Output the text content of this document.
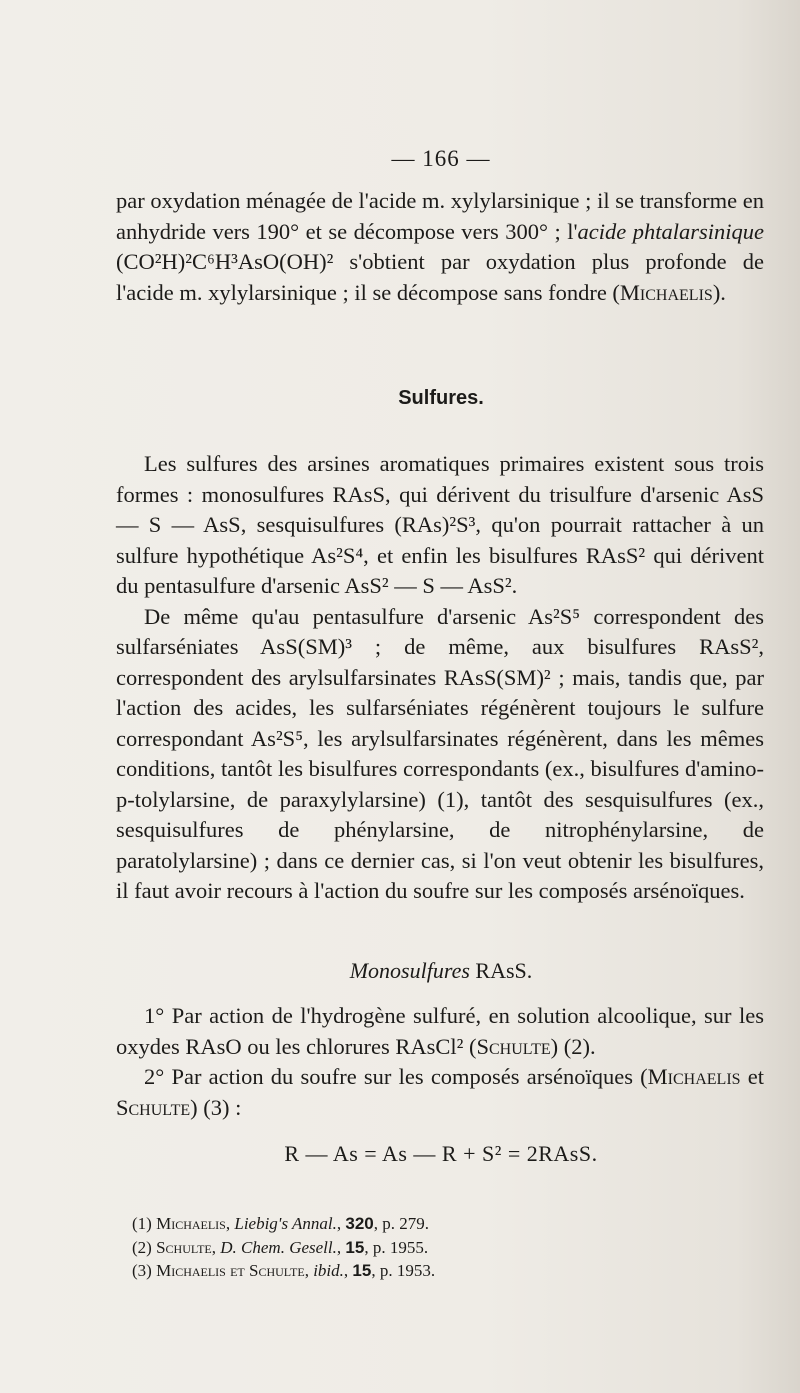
— 166 —

par oxydation ménagée de l'acide m. xylylarsinique ; il se transforme en anhydride vers 190° et se décompose vers 300° ; l'acide phtalarsinique (CO²H)²C⁶H³AsO(OH)² s'obtient par oxydation plus profonde de l'acide m. xylylarsinique ; il se décompose sans fondre (Michaelis).

Sulfures.

Les sulfures des arsines aromatiques primaires existent sous trois formes : monosulfures RAsS, qui dérivent du trisulfure d'arsenic AsS — S — AsS, sesquisulfures (RAs)²S³, qu'on pourrait rattacher à un sulfure hypothétique As²S⁴, et enfin les bisulfures RAsS² qui dérivent du pentasulfure d'arsenic AsS² — S — AsS².

De même qu'au pentasulfure d'arsenic As²S⁵ correspondent des sulfarséniates AsS(SM)³ ; de même, aux bisulfures RAsS², correspondent des arylsulfarsinates RAsS(SM)² ; mais, tandis que, par l'action des acides, les sulfarséniates régénèrent toujours le sulfure correspondant As²S⁵, les arylsulfarsinates régénèrent, dans les mêmes conditions, tantôt les bisulfures correspondants (ex., bisulfures d'amino-p-tolylarsine, de paraxylylarsine) (1), tantôt des sesquisulfures (ex., sesquisulfures de phénylarsine, de nitrophénylarsine, de paratolylarsine) ; dans ce dernier cas, si l'on veut obtenir les bisulfures, il faut avoir recours à l'action du soufre sur les composés arsénoïques.

Monosulfures RAsS.

1° Par action de l'hydrogène sulfuré, en solution alcoolique, sur les oxydes RAsO ou les chlorures RAsCl² (Schulte) (2).

2° Par action du soufre sur les composés arsénoïques (Michaelis et Schulte) (3) :

R — As = As — R + S² = 2RAsS.
(1) Michaelis, Liebig's Annal., 320, p. 279.
(2) Schulte, D. Chem. Gesell., 15, p. 1955.
(3) Michaelis et Schulte, ibid., 15, p. 1953.
